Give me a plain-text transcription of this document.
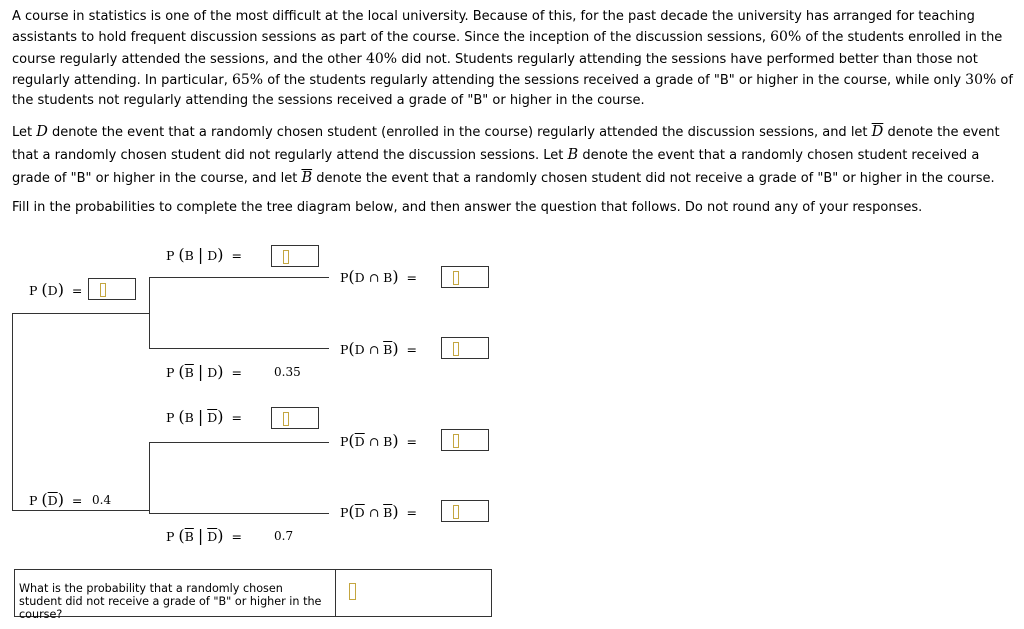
A course in statistics is one of the most difficult at the local university. Because of this, for the past decade the university has arranged for teaching assistants to hold frequent discussion sessions as part of the course. Since the inception of the discussion sessions, 60% of the students enrolled in the course regularly attended the sessions, and the other 40% did not. Students regularly attending the sessions have performed better than those not regularly attending. In particular, 65% of the students regularly attending the sessions received a grade of "B" or higher in the course, while only 30% of the students not regularly attending the sessions received a grade of "B" or higher in the course.
Let D denote the event that a randomly chosen student (enrolled in the course) regularly attended the discussion sessions, and let $\overline{D}$ denote the event that a randomly chosen student did not regularly attend the discussion sessions. Let B denote the event that a randomly chosen student received a grade of "B" or higher in the course, and let $\overline{B}$ denote the event that a randomly chosen student did not receive a grade of "B" or higher in the course.
Fill in the probabilities to complete the tree diagram below, and then answer the question that follows. Do not round any of your responses.
P (D) =
P (B | D) =
P(D ∩ B) =
P(D ∩ $\overline{B}$) =
P ($\overline{B}$ | D) =	0.35
P (B | $\overline{D}$) =
$P(\overline{D}$ ∩ B) =
P $(\overline{D}) = 0.4$
$P(\overline{D}$ ∩ $\overline{B}$) =
P ($\overline{B}$ | $\overline{D}$) =	0.7
What is the probability that a randomly chosen student did not receive a grade of "B" or higher in the course?
